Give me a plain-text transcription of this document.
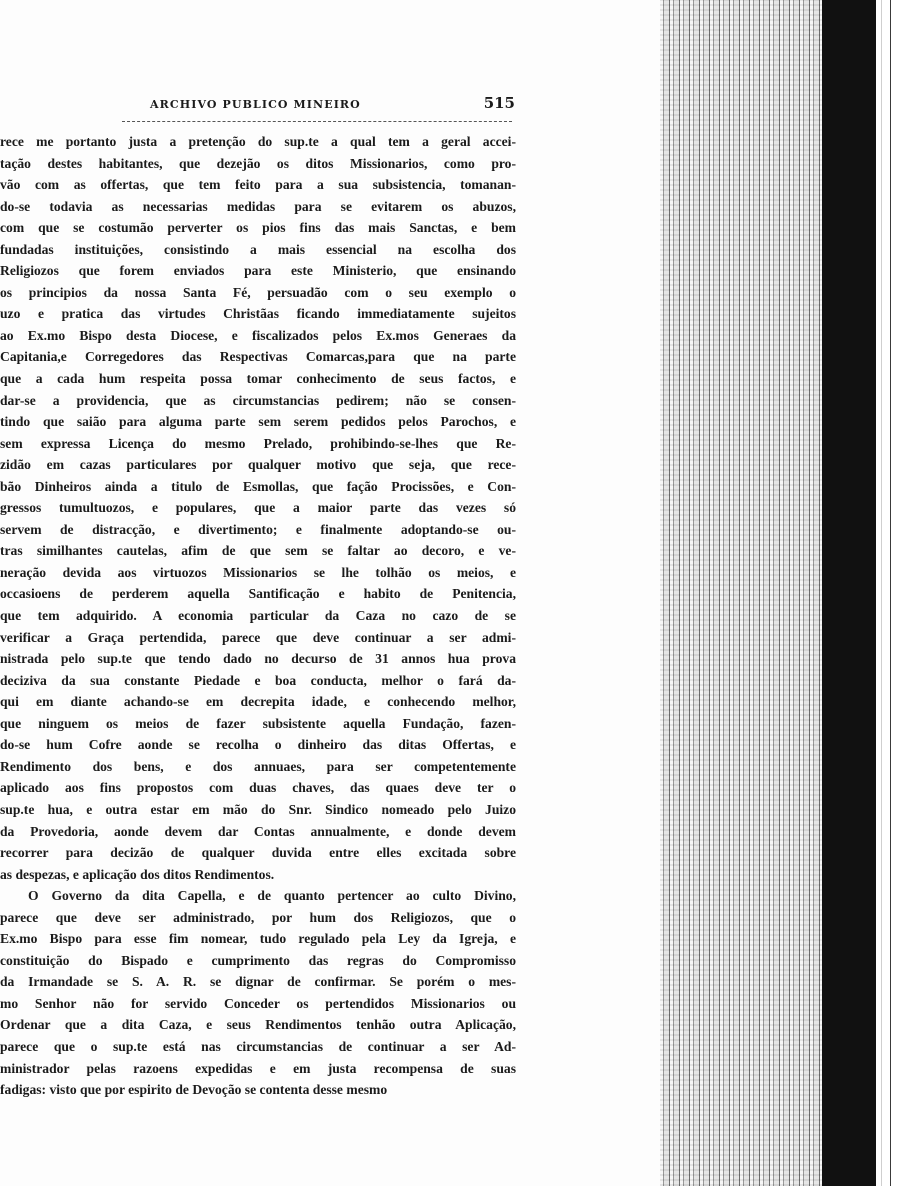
ARCHIVO PUBLICO MINEIRO	515
rece me portanto justa a pretenção do sup.te a qual tem a geral accei-
tação destes habitantes, que dezejão os ditos Missionarios, como pro-
vão com as offertas, que tem feito para a sua subsistencia, tomanan-
do-se todavia as necessarias medidas para se evitarem os abuzos,
com que se costumão perverter os pios fins das mais Sanctas, e bem
fundadas instituições, consistindo a mais essencial na escolha dos
Religiozos que forem enviados para este Ministerio, que ensinando
os principios da nossa Santa Fé, persuadão com o seu exemplo o
uzo e pratica das virtudes Christãas ficando immediatamente sujeitos
ao Ex.mo Bispo desta Diocese, e fiscalizados pelos Ex.mos Generaes da
Capitania,e Corregedores das Respectivas Comarcas,para que na parte
que a cada hum respeita possa tomar conhecimento de seus factos, e
dar-se a providencia, que as circumstancias pedirem; não se consen-
tindo que saião para alguma parte sem serem pedidos pelos Parochos, e
sem expressa Licença do mesmo Prelado, prohibindo-se-lhes que Re-
zidão em cazas particulares por qualquer motivo que seja, que rece-
bão Dinheiros ainda a titulo de Esmollas, que fação Procissões, e Con-
gressos tumultuozos, e populares, que a maior parte das vezes só
servem de distracção, e divertimento; e finalmente adoptando-se ou-
tras similhantes cautelas, afim de que sem se faltar ao decoro, e ve-
neração devida aos virtuozos Missionarios se lhe tolhão os meios, e
occasioens de perderem aquella Santificação e habito de Penitencia,
que tem adquirido. A economia particular da Caza no cazo de se
verificar a Graça pertendida, parece que deve continuar a ser admi-
nistrada pelo sup.te que tendo dado no decurso de 31 annos hua prova
deciziva da sua constante Piedade e boa conducta, melhor o fará da-
qui em diante achando-se em decrepita idade, e conhecendo melhor,
que ninguem os meios de fazer subsistente aquella Fundação, fazen-
do-se hum Cofre aonde se recolha o dinheiro das ditas Offertas, e
Rendimento dos bens, e dos annuaes, para ser competentemente
aplicado aos fins propostos com duas chaves, das quaes deve ter o
sup.te hua, e outra estar em mão do Snr. Sindico nomeado pelo Juizo
da Provedoria, aonde devem dar Contas annualmente, e donde devem
recorrer para decizão de qualquer duvida entre elles excitada sobre
as despezas, e aplicação dos ditos Rendimentos.
O Governo da dita Capella, e de quanto pertencer ao culto Divino,
parece que deve ser administrado, por hum dos Religiozos, que o
Ex.mo Bispo para esse fim nomear, tudo regulado pela Ley da Igreja, e
constituição do Bispado e cumprimento das regras do Compromisso
da Irmandade se S. A. R. se dignar de confirmar. Se porém o mes-
mo Senhor não for servido Conceder os pertendidos Missionarios ou
Ordenar que a dita Caza, e seus Rendimentos tenhão outra Aplicação,
parece que o sup.te está nas circumstancias de continuar a ser Ad-
ministrador pelas razoens expedidas e em justa recompensa de suas
fadigas: visto que por espirito de Devoção se contenta desse mesmo
